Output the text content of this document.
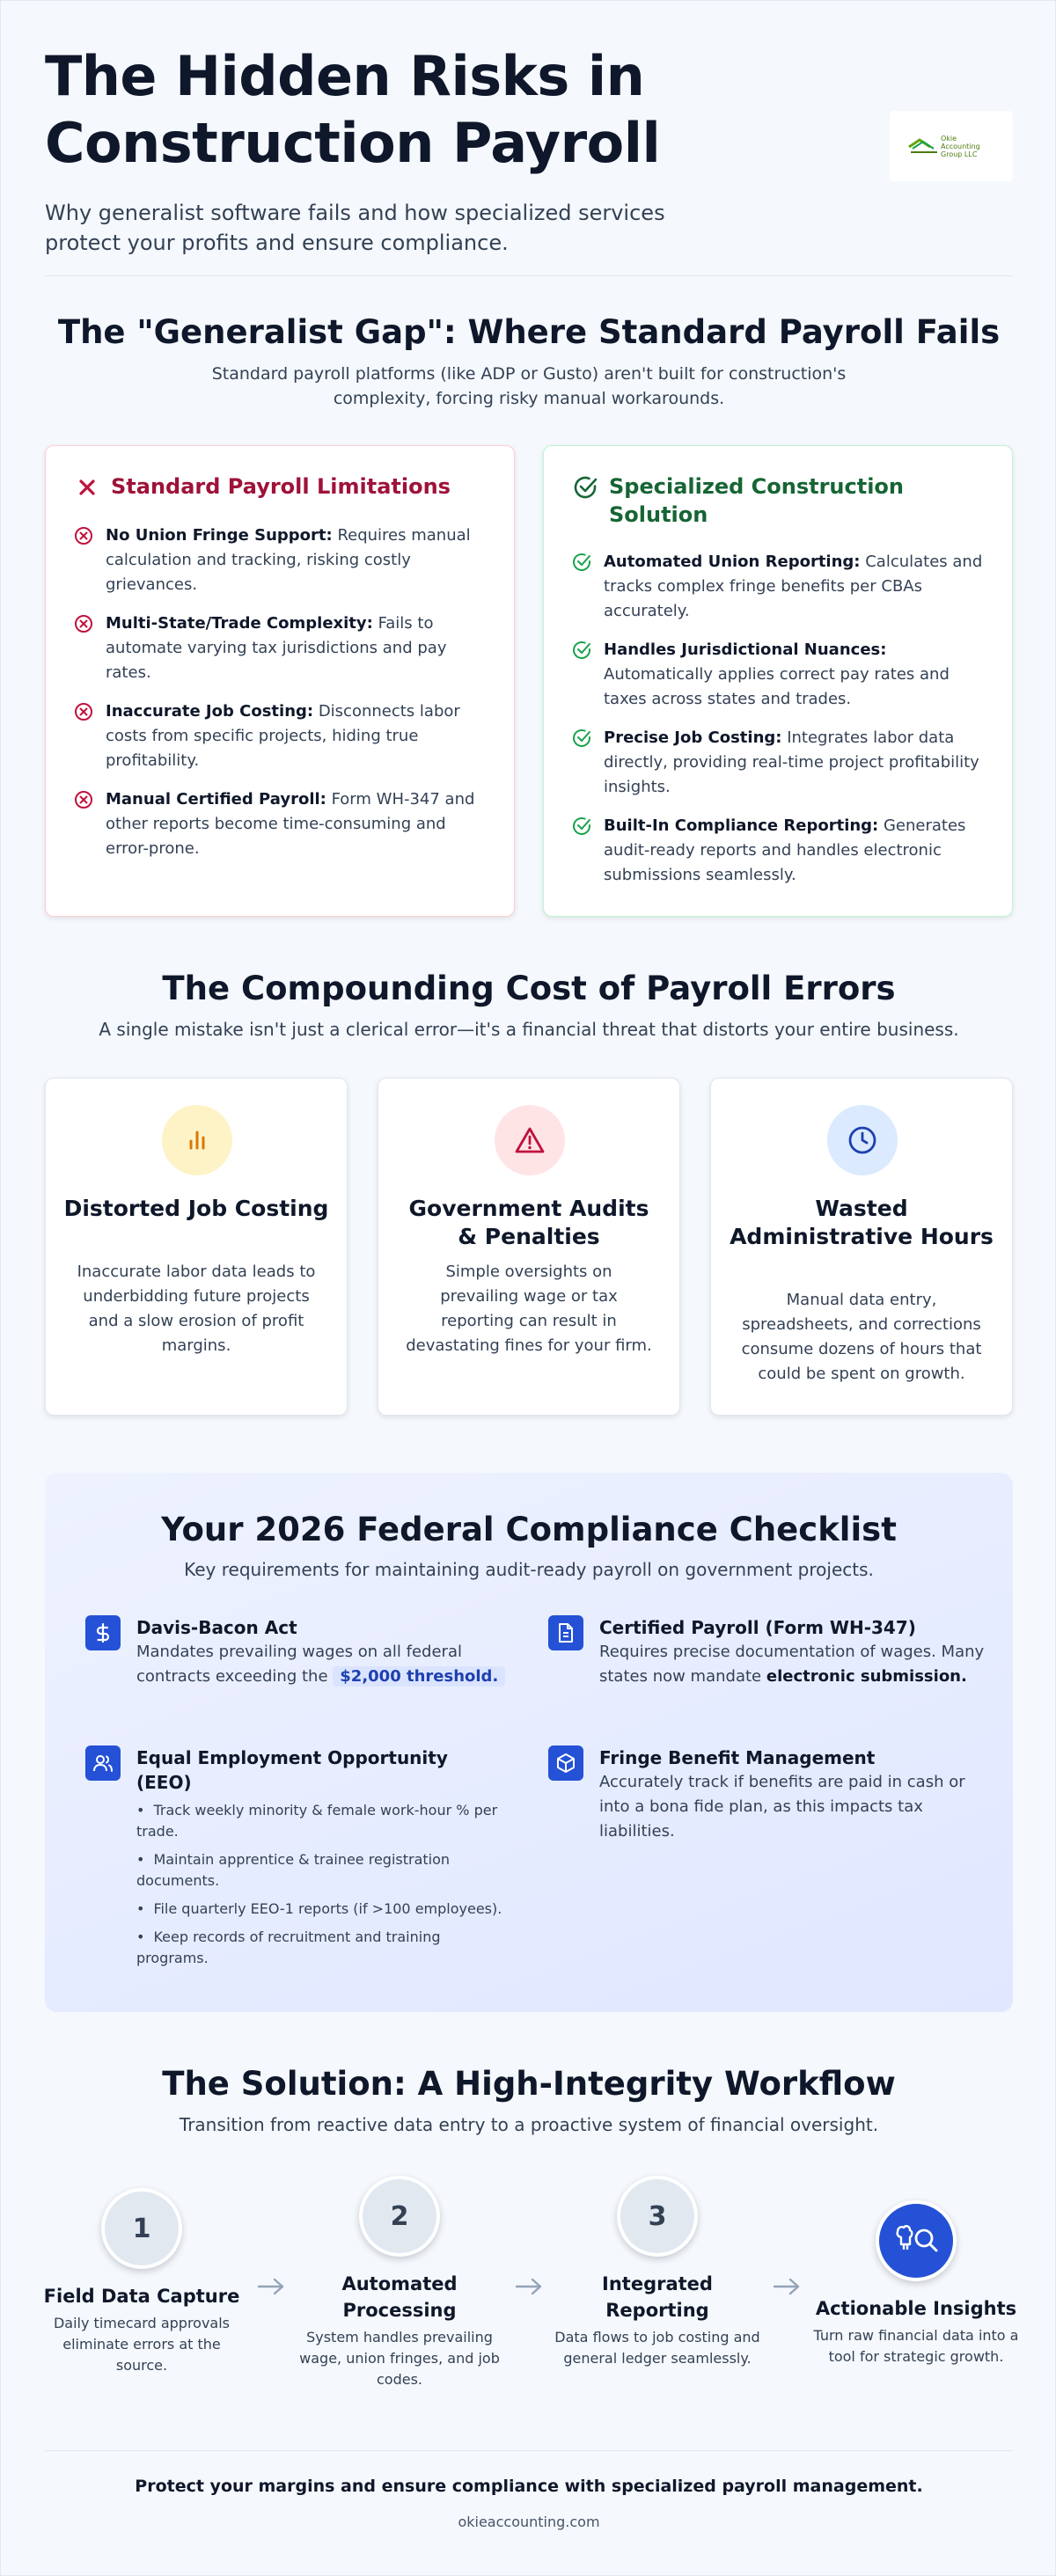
The Hidden Risks in Construction Payroll

Why generalist software fails and how specialized services protect your profits and ensure compliance.

Okie Accounting Group LLC
The "Generalist Gap": Where Standard Payroll Fails
Standard payroll platforms (like ADP or Gusto) aren't built for construction's complexity, forcing risky manual workarounds.
Standard Payroll Limitations
No Union Fringe Support: Requires manual calculation and tracking, risking costly grievances.
Multi-State/Trade Complexity: Fails to automate varying tax jurisdictions and pay rates.
Inaccurate Job Costing: Disconnects labor costs from specific projects, hiding true profitability.
Manual Certified Payroll: Form WH-347 and other reports become time-consuming and error-prone.
Specialized Construction Solution
Automated Union Reporting: Calculates and tracks complex fringe benefits per CBAs accurately.
Handles Jurisdictional Nuances: Automatically applies correct pay rates and taxes across states and trades.
Precise Job Costing: Integrates labor data directly, providing real-time project profitability insights.
Built-In Compliance Reporting: Generates audit-ready reports and handles electronic submissions seamlessly.
The Compounding Cost of Payroll Errors
A single mistake isn't just a clerical error—it's a financial threat that distorts your entire business.
Distorted Job Costing

Inaccurate labor data leads to underbidding future projects and a slow erosion of profit margins.

Government Audits & Penalties

Simple oversights on prevailing wage or tax reporting can result in devastating fines for your firm.

Wasted Administrative Hours

Manual data entry, spreadsheets, and corrections consume dozens of hours that could be spent on growth.

Your 2026 Federal Compliance Checklist
Key requirements for maintaining audit-ready payroll on government projects.
Davis-Bacon Act

Mandates prevailing wages on all federal contracts exceeding the $2,000 threshold.

Certified Payroll (Form WH-347)

Requires precise documentation of wages. Many states now mandate electronic submission.

Equal Employment Opportunity (EEO)
• Track weekly minority & female work-hour % per trade.
• Maintain apprentice & trainee registration documents.
• File quarterly EEO-1 reports (if >100 employees).
• Keep records of recruitment and training programs.
Fringe Benefit Management

Accurately track if benefits are paid in cash or into a bona fide plan, as this impacts tax liabilities.

The Solution: A High-Integrity Workflow
Transition from reactive data entry to a proactive system of financial oversight.
1
Field Data Capture

Daily timecard approvals eliminate errors at the source.

2
Automated Processing

System handles prevailing wage, union fringes, and job codes.

3
Integrated Reporting

Data flows to job costing and general ledger seamlessly.

Actionable Insights

Turn raw financial data into a tool for strategic growth.

Protect your margins and ensure compliance with specialized payroll management.
okieaccounting.com
